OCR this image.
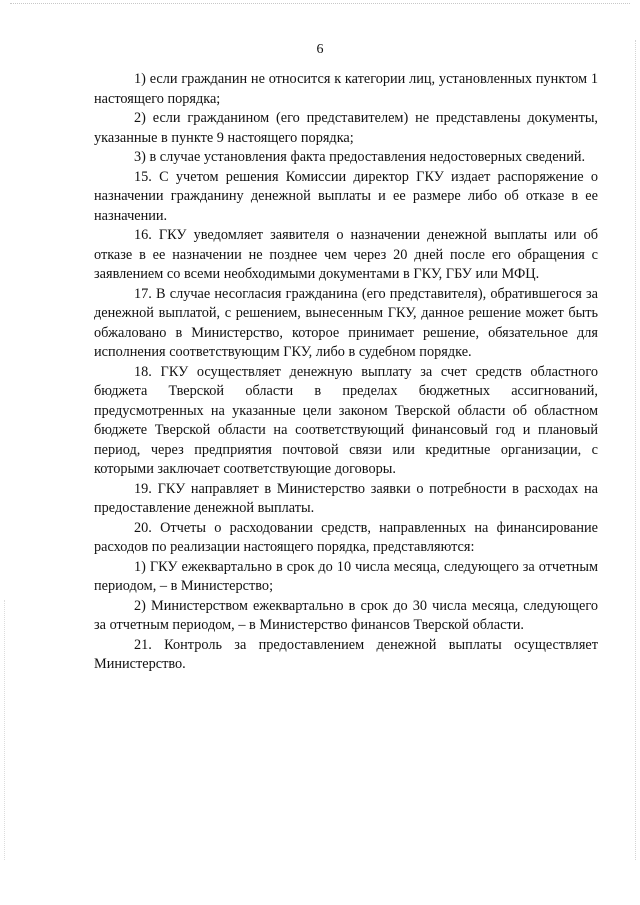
6

1) если гражданин не относится к категории лиц, установленных пунктом 1 настоящего порядка;

2) если гражданином (его представителем) не представлены документы, указанные в пункте 9 настоящего порядка;

3) в случае установления факта предоставления недостоверных сведений.

15. С учетом решения Комиссии директор ГКУ издает распоряжение о назначении гражданину денежной выплаты и ее размере либо об отказе в ее назначении.

16. ГКУ уведомляет заявителя о назначении денежной выплаты или об отказе в ее назначении не позднее чем через 20 дней после его обращения с заявлением со всеми необходимыми документами в ГКУ, ГБУ или МФЦ.

17. В случае несогласия гражданина (его представителя), обратившегося за денежной выплатой, с решением, вынесенным ГКУ, данное решение может быть обжаловано в Министерство, которое принимает решение, обязательное для исполнения соответствующим ГКУ, либо в судебном порядке.

18. ГКУ осуществляет денежную выплату за счет средств областного бюджета Тверской области в пределах бюджетных ассигнований, предусмотренных на указанные цели законом Тверской области об областном бюджете Тверской области на соответствующий финансовый год и плановый период, через предприятия почтовой связи или кредитные организации, с которыми заключает соответствующие договоры.

19. ГКУ направляет в Министерство заявки о потребности в расходах на предоставление денежной выплаты.

20. Отчеты о расходовании средств, направленных на финансирование расходов по реализации настоящего порядка, представляются:

1) ГКУ ежеквартально в срок до 10 числа месяца, следующего за отчетным периодом, – в Министерство;

2) Министерством ежеквартально в срок до 30 числа месяца, следующего за отчетным периодом, – в Министерство финансов Тверской области.

21. Контроль за предоставлением денежной выплаты осуществляет Министерство.
